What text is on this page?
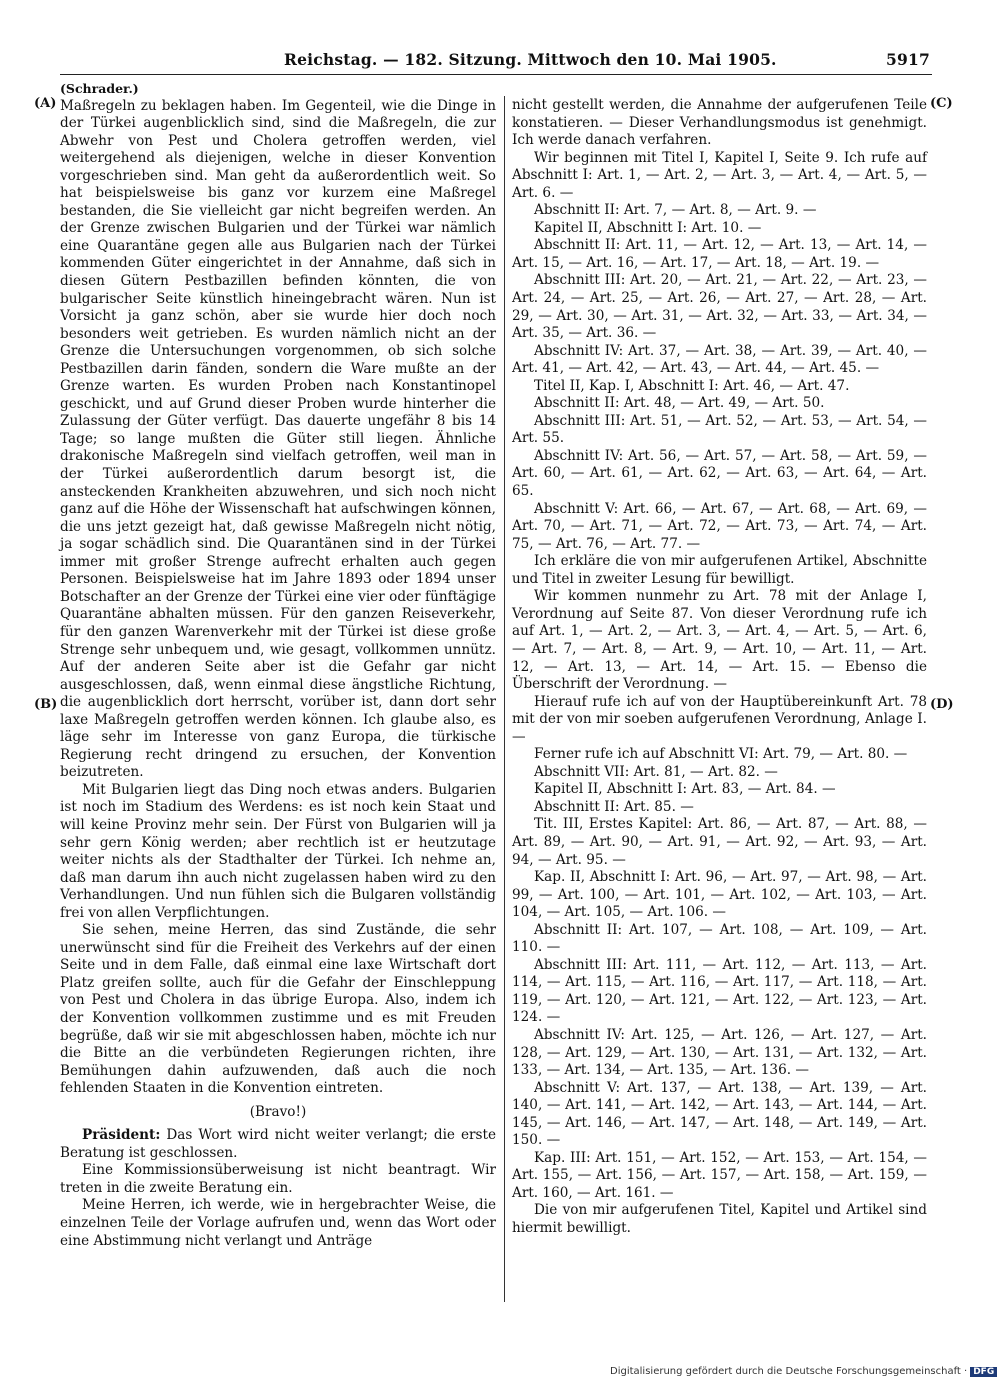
Reichstag. — 182. Sitzung. Mittwoch den 10. Mai 1905.	5917
(A)
(B)
(C)
(D)

(Schrader.)

Maßregeln zu beklagen haben. Im Gegenteil, wie die Dinge in der Türkei augenblicklich sind, sind die Maßregeln, die zur Abwehr von Pest und Cholera getroffen werden, viel weitergehend als diejenigen, welche in dieser Konvention vorgeschrieben sind. Man geht da außerordentlich weit. So hat beispielsweise bis ganz vor kurzem eine Maßregel bestanden, die Sie vielleicht gar nicht begreifen werden. An der Grenze zwischen Bulgarien und der Türkei war nämlich eine Quarantäne gegen alle aus Bulgarien nach der Türkei kommenden Güter eingerichtet in der Annahme, daß sich in diesen Gütern Pestbazillen befinden könnten, die von bulgarischer Seite künstlich hineingebracht wären. Nun ist Vorsicht ja ganz schön, aber sie wurde hier doch noch besonders weit getrieben. Es wurden nämlich nicht an der Grenze die Untersuchungen vorgenommen, ob sich solche Pestbazillen darin fänden, sondern die Ware mußte an der Grenze warten. Es wurden Proben nach Konstantinopel geschickt, und auf Grund dieser Proben wurde hinterher die Zulassung der Güter verfügt. Das dauerte ungefähr 8 bis 14 Tage; so lange mußten die Güter still liegen. Ähnliche drakonische Maßregeln sind vielfach getroffen, weil man in der Türkei außerordentlich darum besorgt ist, die ansteckenden Krankheiten abzuwehren, und sich noch nicht ganz auf die Höhe der Wissenschaft hat aufschwingen können, die uns jetzt gezeigt hat, daß gewisse Maßregeln nicht nötig, ja sogar schädlich sind. Die Quarantänen sind in der Türkei immer mit großer Strenge aufrecht erhalten auch gegen Personen. Beispielsweise hat im Jahre 1893 oder 1894 unser Botschafter an der Grenze der Türkei eine vier oder fünftägige Quarantäne abhalten müssen. Für den ganzen Reiseverkehr, für den ganzen Warenverkehr mit der Türkei ist diese große Strenge sehr unbequem und, wie gesagt, vollkommen unnütz. Auf der anderen Seite aber ist die Gefahr gar nicht ausgeschlossen, daß, wenn einmal diese ängstliche Richtung, die augenblicklich dort herrscht, vorüber ist, dann dort sehr laxe Maßregeln getroffen werden können. Ich glaube also, es läge sehr im Interesse von ganz Europa, die türkische Regierung recht dringend zu ersuchen, der Konvention beizutreten.

Mit Bulgarien liegt das Ding noch etwas anders. Bulgarien ist noch im Stadium des Werdens: es ist noch kein Staat und will keine Provinz mehr sein. Der Fürst von Bulgarien will ja sehr gern König werden; aber rechtlich ist er heutzutage weiter nichts als der Stadthalter der Türkei. Ich nehme an, daß man darum ihn auch nicht zugelassen haben wird zu den Verhandlungen. Und nun fühlen sich die Bulgaren vollständig frei von allen Verpflichtungen.

Sie sehen, meine Herren, das sind Zustände, die sehr unerwünscht sind für die Freiheit des Verkehrs auf der einen Seite und in dem Falle, daß einmal eine laxe Wirtschaft dort Platz greifen sollte, auch für die Gefahr der Einschleppung von Pest und Cholera in das übrige Europa. Also, indem ich der Konvention vollkommen zustimme und es mit Freuden begrüße, daß wir sie mit abgeschlossen haben, möchte ich nur die Bitte an die verbündeten Regierungen richten, ihre Bemühungen dahin aufzuwenden, daß auch die noch fehlenden Staaten in die Konvention eintreten.

(Bravo!)

Präsident: Das Wort wird nicht weiter verlangt; die erste Beratung ist geschlossen.

Eine Kommissionsüberweisung ist nicht beantragt. Wir treten in die zweite Beratung ein.

Meine Herren, ich werde, wie in hergebrachter Weise, die einzelnen Teile der Vorlage aufrufen und, wenn das Wort oder eine Abstimmung nicht verlangt und Anträge

nicht gestellt werden, die Annahme der aufgerufenen Teile konstatieren. — Dieser Verhandlungsmodus ist genehmigt. Ich werde danach verfahren.

Wir beginnen mit Titel I, Kapitel I, Seite 9. Ich rufe auf Abschnitt I: Art. 1, — Art. 2, — Art. 3, — Art. 4, — Art. 5, — Art. 6. —

Abschnitt II: Art. 7, — Art. 8, — Art. 9. —

Kapitel II, Abschnitt I: Art. 10. —

Abschnitt II: Art. 11, — Art. 12, — Art. 13, — Art. 14, — Art. 15, — Art. 16, — Art. 17, — Art. 18, — Art. 19. —

Abschnitt III: Art. 20, — Art. 21, — Art. 22, — Art. 23, — Art. 24, — Art. 25, — Art. 26, — Art. 27, — Art. 28, — Art. 29, — Art. 30, — Art. 31, — Art. 32, — Art. 33, — Art. 34, — Art. 35, — Art. 36. —

Abschnitt IV: Art. 37, — Art. 38, — Art. 39, — Art. 40, — Art. 41, — Art. 42, — Art. 43, — Art. 44, — Art. 45. —

Titel II, Kap. I, Abschnitt I: Art. 46, — Art. 47.

Abschnitt II: Art. 48, — Art. 49, — Art. 50.

Abschnitt III: Art. 51, — Art. 52, — Art. 53, — Art. 54, — Art. 55.

Abschnitt IV: Art. 56, — Art. 57, — Art. 58, — Art. 59, — Art. 60, — Art. 61, — Art. 62, — Art. 63, — Art. 64, — Art. 65.

Abschnitt V: Art. 66, — Art. 67, — Art. 68, — Art. 69, — Art. 70, — Art. 71, — Art. 72, — Art. 73, — Art. 74, — Art. 75, — Art. 76, — Art. 77. —

Ich erkläre die von mir aufgerufenen Artikel, Abschnitte und Titel in zweiter Lesung für bewilligt.

Wir kommen nunmehr zu Art. 78 mit der Anlage I, Verordnung auf Seite 87. Von dieser Verordnung rufe ich auf Art. 1, — Art. 2, — Art. 3, — Art. 4, — Art. 5, — Art. 6, — Art. 7, — Art. 8, — Art. 9, — Art. 10, — Art. 11, — Art. 12, — Art. 13, — Art. 14, — Art. 15. — Ebenso die Überschrift der Verordnung. —

Hierauf rufe ich auf von der Hauptübereinkunft Art. 78 mit der von mir soeben aufgerufenen Verordnung, Anlage I. —

Ferner rufe ich auf Abschnitt VI: Art. 79, — Art. 80. —

Abschnitt VII: Art. 81, — Art. 82. —

Kapitel II, Abschnitt I: Art. 83, — Art. 84. —

Abschnitt II: Art. 85. —

Tit. III, Erstes Kapitel: Art. 86, — Art. 87, — Art. 88, — Art. 89, — Art. 90, — Art. 91, — Art. 92, — Art. 93, — Art. 94, — Art. 95. —

Kap. II, Abschnitt I: Art. 96, — Art. 97, — Art. 98, — Art. 99, — Art. 100, — Art. 101, — Art. 102, — Art. 103, — Art. 104, — Art. 105, — Art. 106. —

Abschnitt II: Art. 107, — Art. 108, — Art. 109, — Art. 110. —

Abschnitt III: Art. 111, — Art. 112, — Art. 113, — Art. 114, — Art. 115, — Art. 116, — Art. 117, — Art. 118, — Art. 119, — Art. 120, — Art. 121, — Art. 122, — Art. 123, — Art. 124. —

Abschnitt IV: Art. 125, — Art. 126, — Art. 127, — Art. 128, — Art. 129, — Art. 130, — Art. 131, — Art. 132, — Art. 133, — Art. 134, — Art. 135, — Art. 136. —

Abschnitt V: Art. 137, — Art. 138, — Art. 139, — Art. 140, — Art. 141, — Art. 142, — Art. 143, — Art. 144, — Art. 145, — Art. 146, — Art. 147, — Art. 148, — Art. 149, — Art. 150. —

Kap. III: Art. 151, — Art. 152, — Art. 153, — Art. 154, — Art. 155, — Art. 156, — Art. 157, — Art. 158, — Art. 159, — Art. 160, — Art. 161. —

Die von mir aufgerufenen Titel, Kapitel und Artikel sind hiermit bewilligt.

Digitalisierung gefördert durch die Deutsche Forschungsgemeinschaft · DFG
